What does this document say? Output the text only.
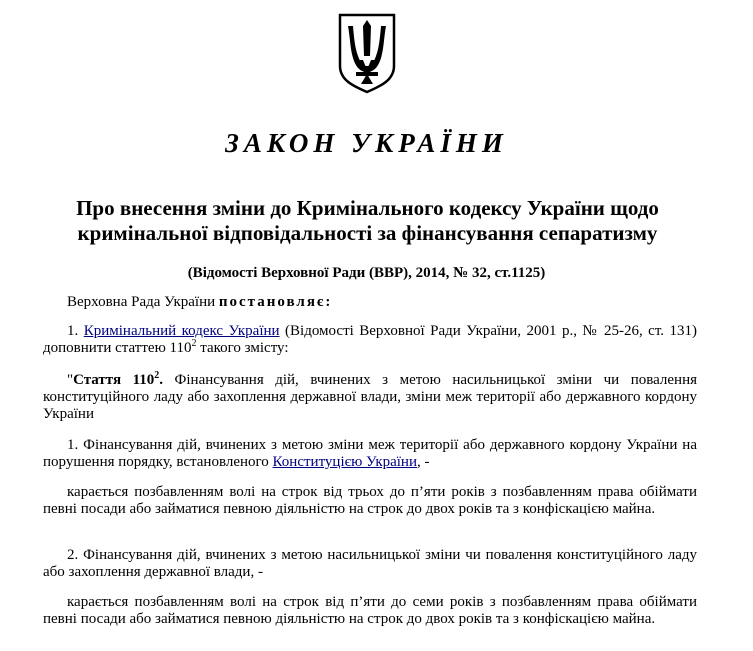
ЗАКОН УКРАЇНИ
Про внесення зміни до Кримінального кодексу України щодо кримінальної відповідальності за фінансування сепаратизму
(Відомості Верховної Ради (ВВР), 2014, № 32, ст.1125)

Верховна Рада України постановляє:

1. Кримінальний кодекс України (Відомості Верховної Ради України, 2001 р., № 25-26, ст. 131) доповнити статтею $110^2$ такого змісту:

"Стаття $110^2$. Фінансування дій, вчинених з метою насильницької зміни чи повалення конституційного ладу або захоплення державної влади, зміни меж території або державного кордону України

1. Фінансування дій, вчинених з метою зміни меж території або державного кордону України на порушення порядку, встановленого Конституцією України, -

карається позбавленням волі на строк від трьох до п’яти років з позбавленням права обіймати певні посади або займатися певною діяльністю на строк до двох років та з конфіскацією майна.

2. Фінансування дій, вчинених з метою насильницької зміни чи повалення конституційного ладу або захоплення державної влади, -

карається позбавленням волі на строк від п’яти до семи років з позбавленням права обіймати певні посади або займатися певною діяльністю на строк до двох років та з конфіскацією майна.
